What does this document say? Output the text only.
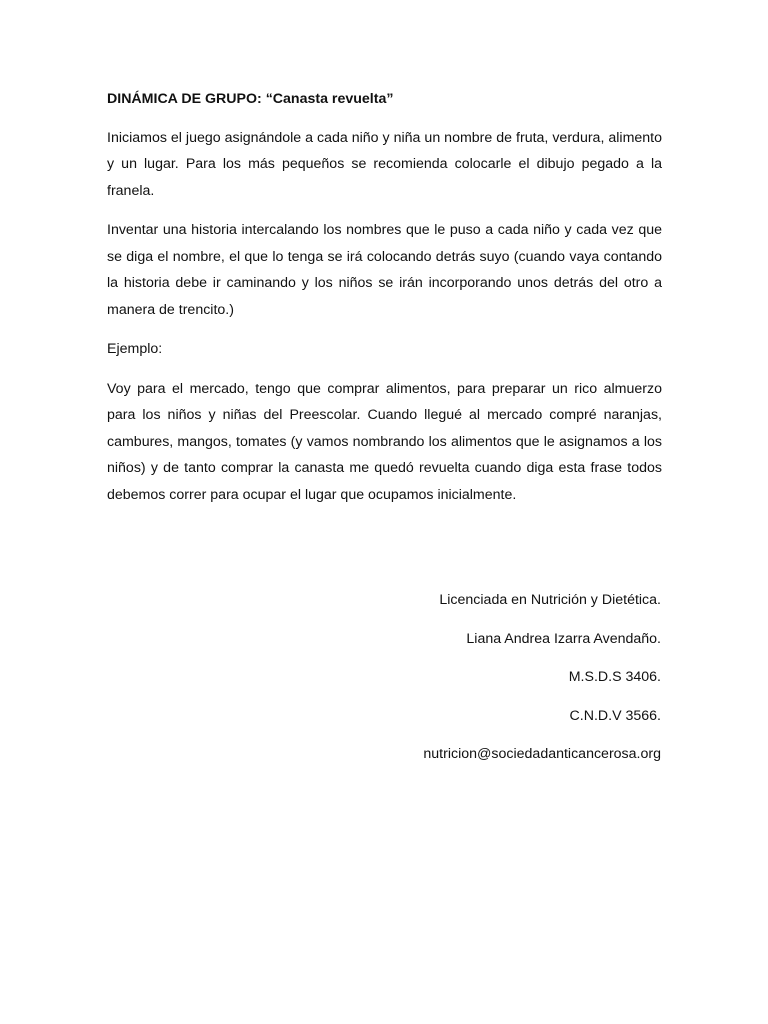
DINÁMICA DE GRUPO: “Canasta revuelta”

Iniciamos el juego asignándole a cada niño y niña un nombre de fruta, verdura, alimento y un lugar. Para los más pequeños se recomienda colocarle el dibujo pegado a la franela.

Inventar una historia intercalando los nombres que le puso a cada niño y cada vez que se diga el nombre, el que lo tenga se irá colocando detrás suyo (cuando vaya contando la historia debe ir caminando y los niños se irán incorporando unos detrás del otro a manera de trencito.)

Ejemplo:

Voy para el mercado, tengo que comprar alimentos, para preparar un rico almuerzo para los niños y niñas del Preescolar. Cuando llegué al mercado compré naranjas, cambures, mangos, tomates (y vamos nombrando los alimentos que le asignamos a los niños) y de tanto comprar la canasta me quedó revuelta cuando diga esta frase todos debemos correr para ocupar el lugar que ocupamos inicialmente.

Licenciada en Nutrición y Dietética.

Liana Andrea Izarra Avendaño.

M.S.D.S 3406.

C.N.D.V 3566.

nutricion@sociedadanticancerosa.org
